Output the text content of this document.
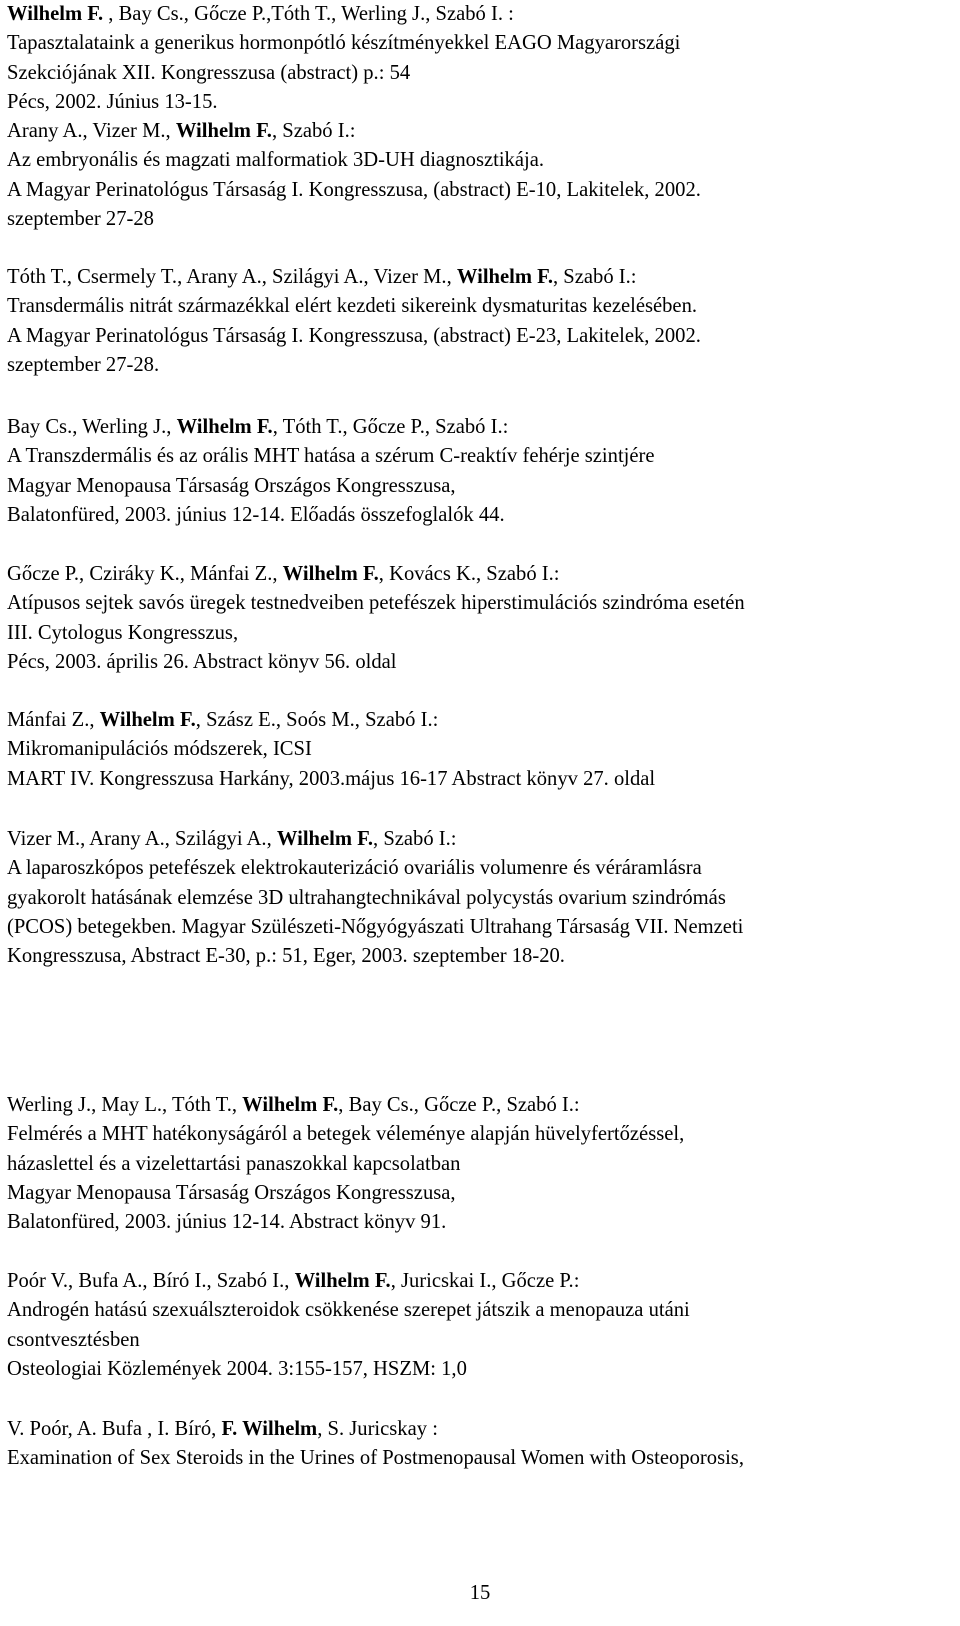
Wilhelm F. , Bay Cs., Gőcze P.,Tóth T., Werling J., Szabó I. :
Tapasztalataink a generikus hormonpótló készítményekkel EAGO Magyarországi
Szekciójának XII. Kongresszusa (abstract) p.: 54
Pécs, 2002. Június 13-15.
Arany A., Vizer M., Wilhelm F., Szabó I.:
Az embryonális és magzati malformatiok 3D-UH diagnosztikája.
A Magyar Perinatológus Társaság I. Kongresszusa, (abstract) E-10, Lakitelek, 2002.
szeptember 27-28
Tóth T., Csermely T., Arany A., Szilágyi A., Vizer M., Wilhelm F., Szabó I.:
Transdermális nitrát származékkal elért kezdeti sikereink dysmaturitas kezelésében.
A Magyar Perinatológus Társaság I. Kongresszusa, (abstract) E-23, Lakitelek, 2002.
szeptember 27-28.
Bay Cs., Werling J., Wilhelm F., Tóth T., Gőcze P., Szabó I.:
A Transzdermális és az orális MHT hatása a szérum C-reaktív fehérje szintjére
Magyar Menopausa Társaság Országos Kongresszusa,
Balatonfüred, 2003. június 12-14. Előadás összefoglalók 44.
Gőcze P., Cziráky K., Mánfai Z., Wilhelm F., Kovács K., Szabó I.:
Atípusos sejtek savós üregek testnedveiben petefészek hiperstimulációs szindróma esetén
III. Cytologus Kongresszus,
Pécs, 2003. április 26. Abstract könyv 56. oldal
Mánfai Z., Wilhelm F., Szász E., Soós M., Szabó I.:
Mikromanipulációs módszerek, ICSI
MART IV. Kongresszusa Harkány, 2003.május 16-17 Abstract könyv 27. oldal
Vizer M., Arany A., Szilágyi A., Wilhelm F., Szabó I.:
A laparoszkópos petefészek elektrokauterizáció ovariális volumenre és véráramlásra
gyakorolt hatásának elemzése 3D ultrahangtechnikával polycystás ovarium szindrómás
(PCOS) betegekben. Magyar Szülészeti-Nőgyógyászati Ultrahang Társaság VII. Nemzeti
Kongresszusa, Abstract E-30, p.: 51, Eger, 2003. szeptember 18-20.
Werling J., May L., Tóth T., Wilhelm F., Bay Cs., Gőcze P., Szabó I.:
Felmérés a MHT hatékonyságáról a betegek véleménye alapján hüvelyfertőzéssel,
házaslettel és a vizelettartási panaszokkal kapcsolatban
Magyar Menopausa Társaság Országos Kongresszusa,
Balatonfüred, 2003. június 12-14. Abstract könyv 91.
Poór V., Bufa A., Bíró I., Szabó I., Wilhelm F., Juricskai I., Gőcze P.:
Androgén hatású szexuálszteroidok csökkenése szerepet játszik a menopauza utáni
csontvesztésben
Osteologiai Közlemények 2004. 3:155-157, HSZM: 1,0
V. Poór, A. Bufa , I. Bíró, F. Wilhelm, S. Juricskay :
Examination of Sex Steroids in the Urines of Postmenopausal Women with Osteoporosis,
15
